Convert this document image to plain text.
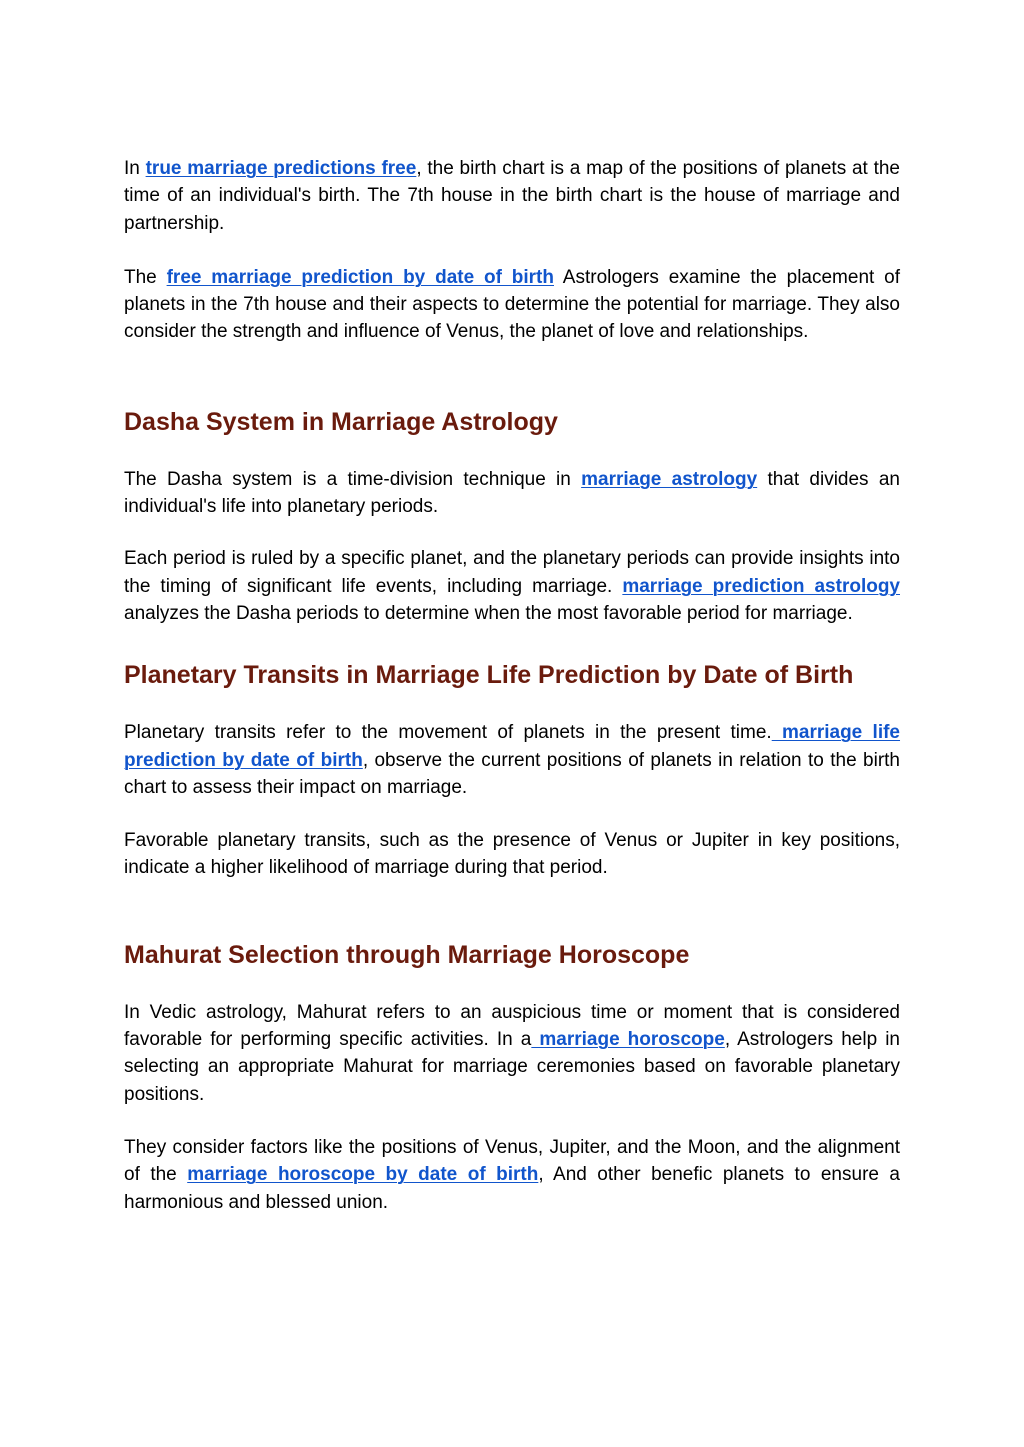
In true marriage predictions free, the birth chart is a map of the positions of planets at the time of an individual's birth. The 7th house in the birth chart is the house of marriage and partnership.

The free marriage prediction by date of birth Astrologers examine the placement of planets in the 7th house and their aspects to determine the potential for marriage. They also consider the strength and influence of Venus, the planet of love and relationships.

Dasha System in Marriage Astrology

The Dasha system is a time-division technique in marriage astrology that divides an individual's life into planetary periods.

Each period is ruled by a specific planet, and the planetary periods can provide insights into the timing of significant life events, including marriage. marriage prediction astrology analyzes the Dasha periods to determine when the most favorable period for marriage.

Planetary Transits in Marriage Life Prediction by Date of Birth

Planetary transits refer to the movement of planets in the present time. marriage life prediction by date of birth, observe the current positions of planets in relation to the birth chart to assess their impact on marriage.

Favorable planetary transits, such as the presence of Venus or Jupiter in key positions, indicate a higher likelihood of marriage during that period.

Mahurat Selection through Marriage Horoscope

In Vedic astrology, Mahurat refers to an auspicious time or moment that is considered favorable for performing specific activities. In a marriage horoscope, Astrologers help in selecting an appropriate Mahurat for marriage ceremonies based on favorable planetary positions.

They consider factors like the positions of Venus, Jupiter, and the Moon, and the alignment of the marriage horoscope by date of birth, And other benefic planets to ensure a harmonious and blessed union.
